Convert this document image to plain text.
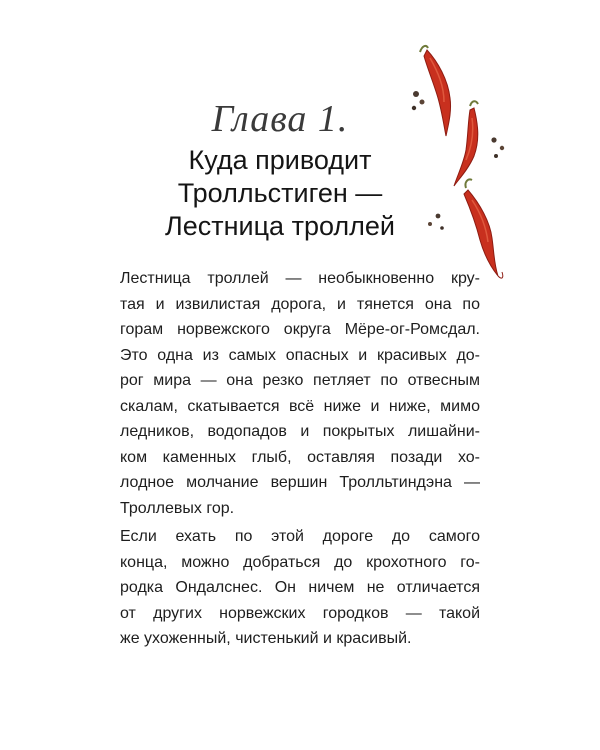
Глава 1.
Куда приводит
Тролльстиген —
Лестница троллей
Лестница троллей — необыкновенно кру-
тая и извилистая дорога, и тянется она по
горам норвежского округа Мёре-ог-Ромсдал.
Это одна из самых опасных и красивых до-
рог мира — она резко петляет по отвесным
скалам, скатывается всё ниже и ниже, мимо
ледников, водопадов и покрытых лишайни-
ком каменных глыб, оставляя позади хо-
лодное молчание вершин Тролльтиндэна —
Троллевых гор.
Если ехать по этой дороге до самого
конца, можно добраться до крохотного го-
родка Ондалснес. Он ничем не отличается
от других норвежских городков — такой
же ухоженный, чистенький и красивый.
